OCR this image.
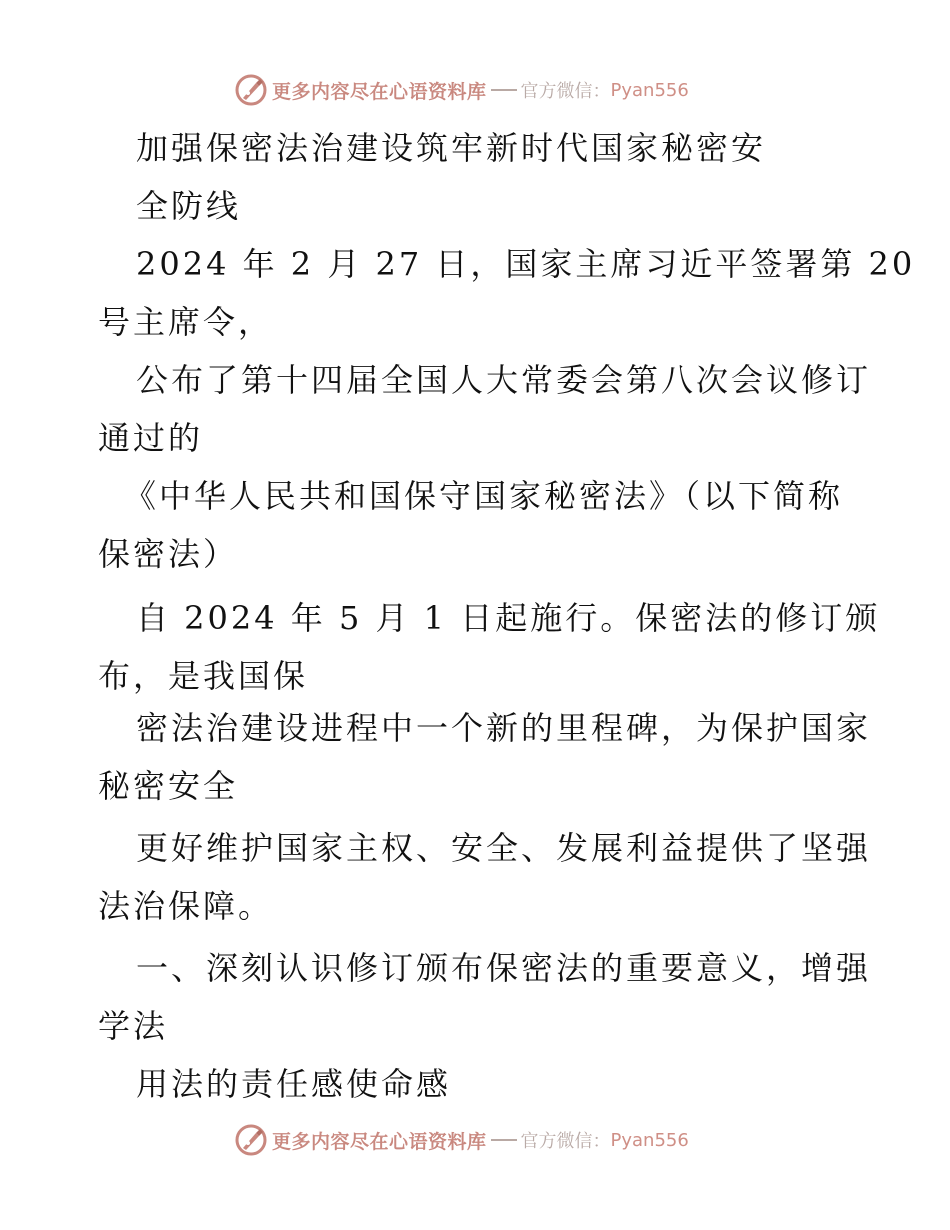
更多内容尽在心语资料库 官方微信： Pyan556
加强保密法治建设筑牢新时代国家秘密安
全防线
2024 年 2 月 27 日，国家主席习近平签署第 20
号主席令，
公布了第十四届全国人大常委会第八次会议修订
通过的
《中华人民共和国保守国家秘密法》（以下简称
保密法）
自 2024 年 5 月 1 日起施行。保密法的修订颁
布，是我国保
密法治建设进程中一个新的里程碑，为保护国家
秘密安全
更好维护国家主权、安全、发展利益提供了坚强
法治保障。
一、深刻认识修订颁布保密法的重要意义，增强
学法
用法的责任感使命感
更多内容尽在心语资料库 官方微信： Pyan556
